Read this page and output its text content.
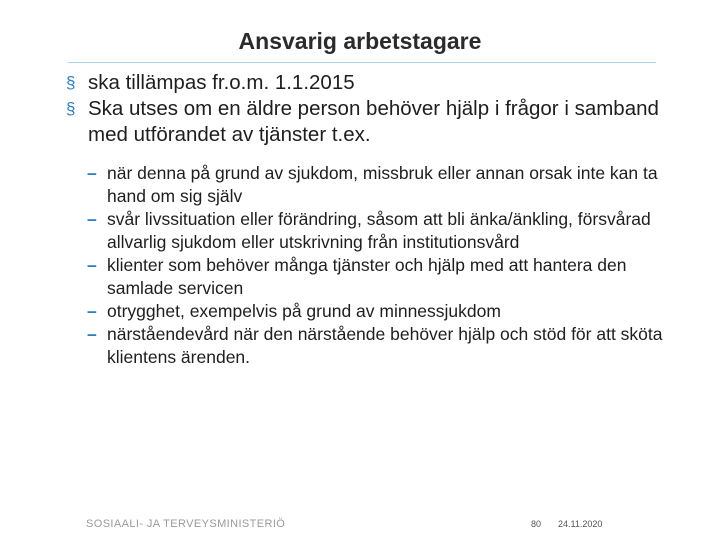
Ansvarig arbetstagare
§ ska tillämpas fr.o.m. 1.1.2015
§ Ska utses om en äldre person behöver hjälp i frågor i samband med utförandet av tjänster t.ex.
– när denna på grund av sjukdom, missbruk eller annan orsak inte kan ta hand om sig själv
– svår livssituation eller förändring, såsom att bli änka/änkling, försvårad allvarlig sjukdom eller utskrivning från institutionsvård
– klienter som behöver många tjänster och hjälp med att hantera den samlade servicen
– otrygghet, exempelvis på grund av minnessjukdom
– närståendevård när den närstående behöver hjälp och stöd för att sköta klientens ärenden.
SOSIAALI- JA TERVEYSMINISTERIÖ	80 24.11.2020
